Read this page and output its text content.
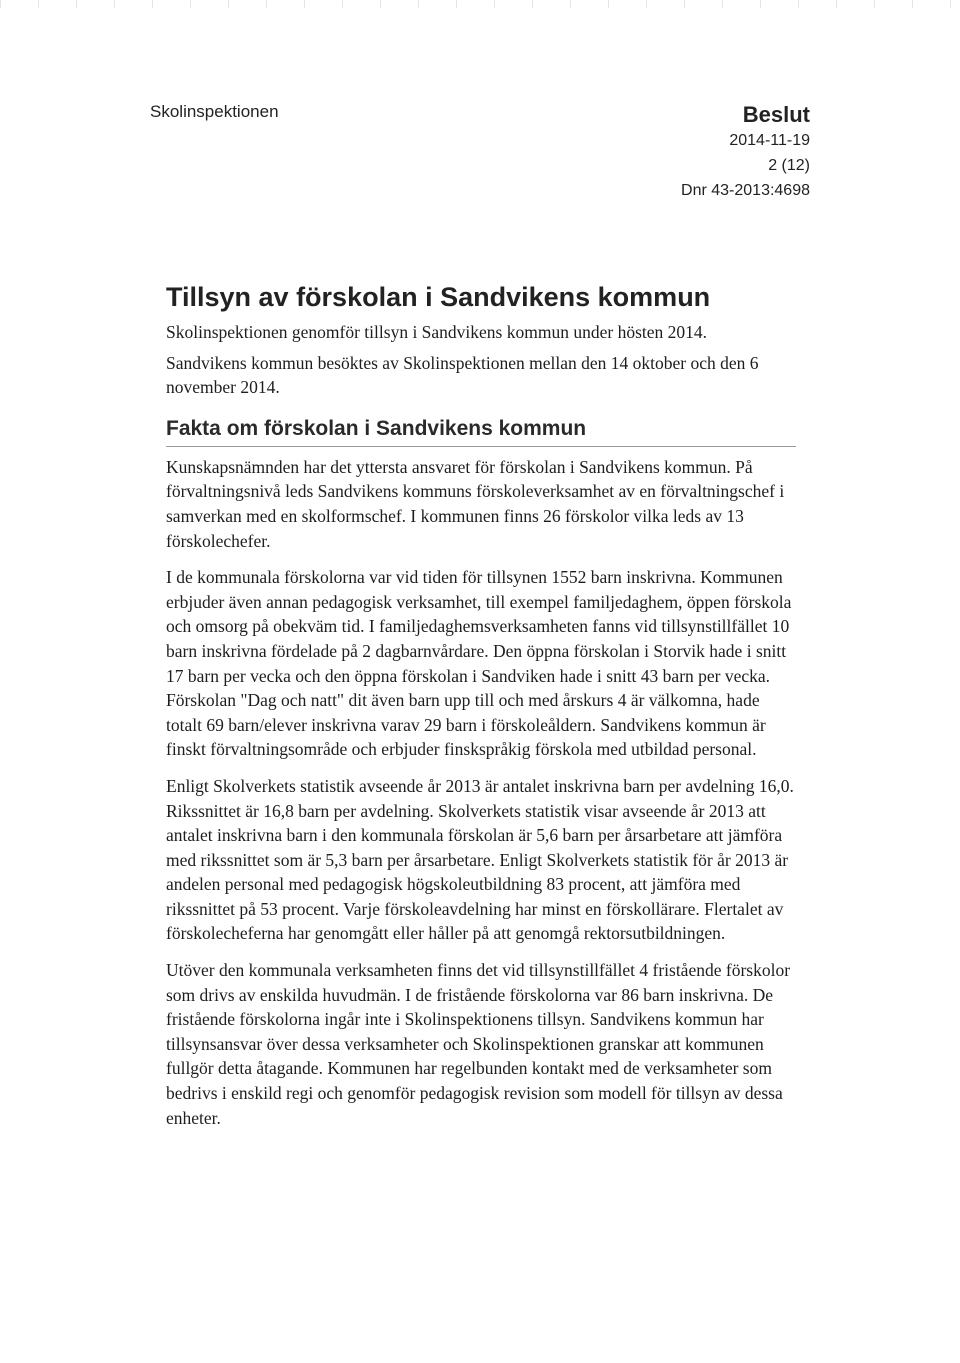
Skolinspektionen	Beslut
2014-11-19
2 (12)
Dnr 43-2013:4698
Tillsyn av förskolan i Sandvikens kommun

Skolinspektionen genomför tillsyn i Sandvikens kommun under hösten 2014.

Sandvikens kommun besöktes av Skolinspektionen mellan den 14 oktober och den 6 november 2014.

Fakta om förskolan i Sandvikens kommun

Kunskapsnämnden har det yttersta ansvaret för förskolan i Sandvikens kommun. På förvaltningsnivå leds Sandvikens kommuns förskoleverksamhet av en förvaltningschef i samverkan med en skolformschef. I kommunen finns 26 förskolor vilka leds av 13 förskolechefer.

I de kommunala förskolorna var vid tiden för tillsynen 1552 barn inskrivna. Kommunen erbjuder även annan pedagogisk verksamhet, till exempel familjedaghem, öppen förskola och omsorg på obekväm tid. I familjedaghemsverksamheten fanns vid tillsynstillfället 10 barn inskrivna fördelade på 2 dagbarnvårdare. Den öppna förskolan i Storvik hade i snitt 17 barn per vecka och den öppna förskolan i Sandviken hade i snitt 43 barn per vecka. Förskolan "Dag och natt" dit även barn upp till och med årskurs 4 är välkomna, hade totalt 69 barn/elever inskrivna varav 29 barn i förskoleåldern. Sandvikens kommun är finskt förvaltningsområde och erbjuder finskspråkig förskola med utbildad personal.

Enligt Skolverkets statistik avseende år 2013 är antalet inskrivna barn per avdelning 16,0. Rikssnittet är 16,8 barn per avdelning. Skolverkets statistik visar avseende år 2013 att antalet inskrivna barn i den kommunala förskolan är 5,6 barn per årsarbetare att jämföra med rikssnittet som är 5,3 barn per årsarbetare. Enligt Skolverkets statistik för år 2013 är andelen personal med pedagogisk högskoleutbildning 83 procent, att jämföra med rikssnittet på 53 procent. Varje förskoleavdelning har minst en förskollärare. Flertalet av förskolecheferna har genomgått eller håller på att genomgå rektorsutbildningen.

Utöver den kommunala verksamheten finns det vid tillsynstillfället 4 fristående förskolor som drivs av enskilda huvudmän. I de fristående förskolorna var 86 barn inskrivna. De fristående förskolorna ingår inte i Skolinspektionens tillsyn. Sandvikens kommun har tillsynsansvar över dessa verksamheter och Skolinspektionen granskar att kommunen fullgör detta åtagande. Kommunen har regelbunden kontakt med de verksamheter som bedrivs i enskild regi och genomför pedagogisk revision som modell för tillsyn av dessa enheter.
